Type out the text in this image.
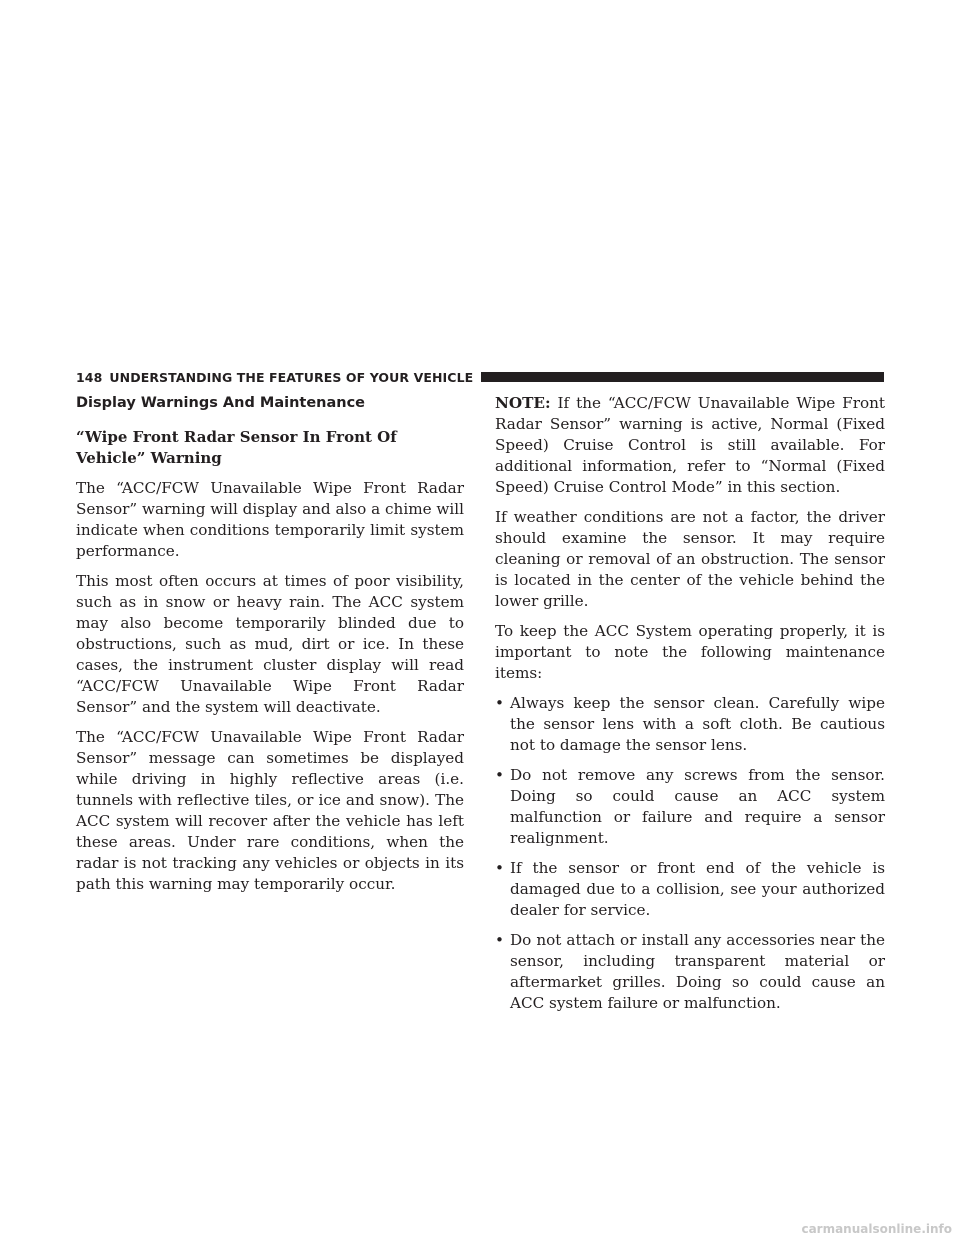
148 UNDERSTANDING THE FEATURES OF YOUR VEHICLE
Display Warnings And Maintenance
“Wipe Front Radar Sensor In Front Of Vehicle” Warning

The “ACC/FCW Unavailable Wipe Front Radar Sensor” warning will display and also a chime will indicate when conditions temporarily limit system performance.

This most often occurs at times of poor visibility, such as in snow or heavy rain. The ACC system may also become temporarily blinded due to obstructions, such as mud, dirt or ice. In these cases, the instrument cluster display will read “ACC/FCW Unavailable Wipe Front Radar Sensor” and the system will deactivate.

The “ACC/FCW Unavailable Wipe Front Radar Sensor” message can sometimes be displayed while driving in highly reflective areas (i.e. tunnels with reflective tiles, or ice and snow). The ACC system will recover after the vehicle has left these areas. Under rare conditions, when the radar is not tracking any vehicles or objects in its path this warning may temporarily occur.

NOTE: If the “ACC/FCW Unavailable Wipe Front Radar Sensor” warning is active, Normal (Fixed Speed) Cruise Control is still available. For additional information, refer to “Normal (Fixed Speed) Cruise Control Mode” in this section.

If weather conditions are not a factor, the driver should examine the sensor. It may require cleaning or removal of an obstruction. The sensor is located in the center of the vehicle behind the lower grille.

To keep the ACC System operating properly, it is important to note the following maintenance items:

• Always keep the sensor clean. Carefully wipe the sensor lens with a soft cloth. Be cautious not to damage the sensor lens.
• Do not remove any screws from the sensor. Doing so could cause an ACC system malfunction or failure and require a sensor realignment.
• If the sensor or front end of the vehicle is damaged due to a collision, see your authorized dealer for service.
• Do not attach or install any accessories near the sensor, including transparent material or aftermarket grilles. Doing so could cause an ACC system failure or malfunction.
carmanualsonline.info
